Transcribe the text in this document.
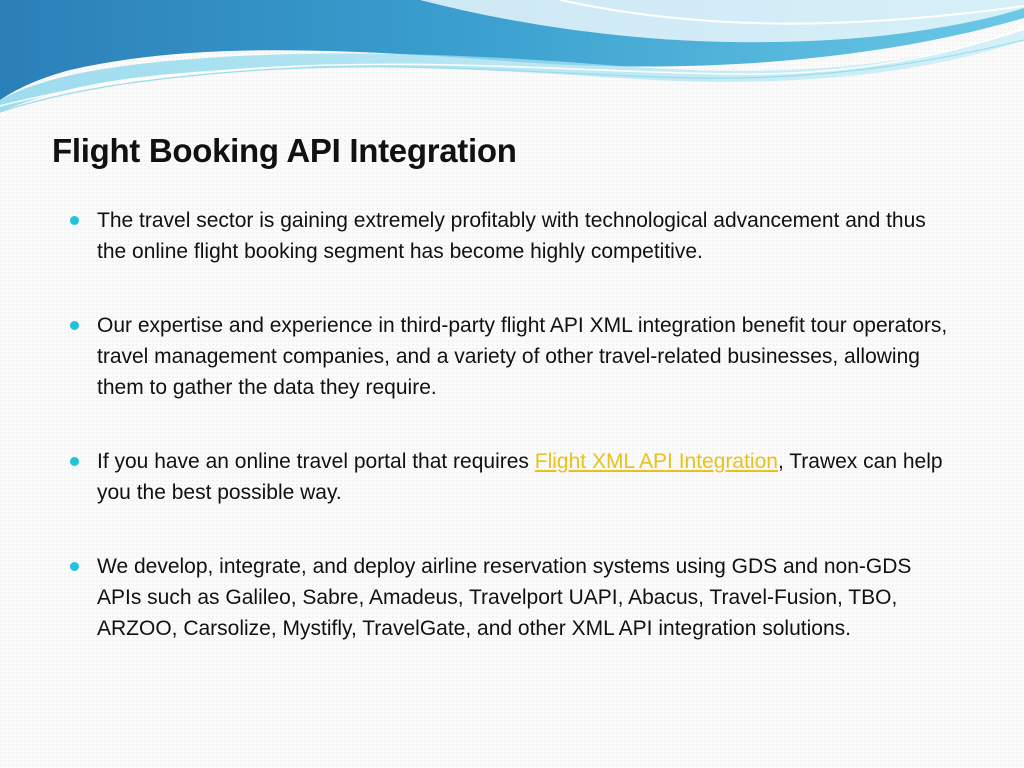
Flight Booking API Integration
The travel sector is gaining extremely profitably with technological advancement and thus the online flight booking segment has become highly competitive.
Our expertise and experience in third-party flight API XML integration benefit tour operators, travel management companies, and a variety of other travel-related businesses, allowing them to gather the data they require.
If you have an online travel portal that requires Flight XML API Integration, Trawex can help you the best possible way.
We develop, integrate, and deploy airline reservation systems using GDS and non-GDS APIs such as Galileo, Sabre, Amadeus, Travelport UAPI, Abacus, Travel-Fusion, TBO, ARZOO, Carsolize, Mystifly, TravelGate, and other XML API integration solutions.
